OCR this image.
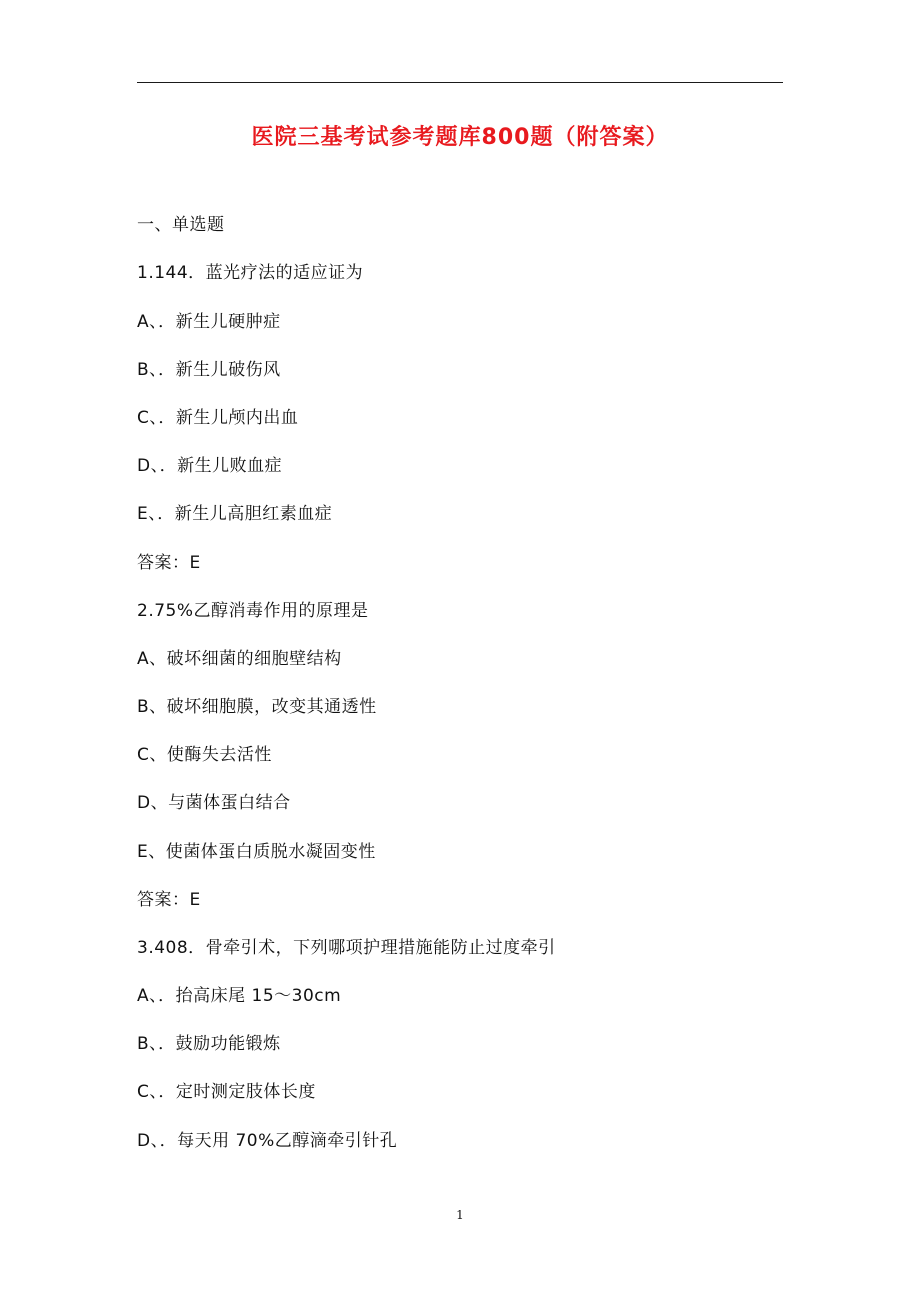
医院三基考试参考题库800题（附答案）
一、单选题
1.144．蓝光疗法的适应证为
A、．新生儿硬肿症
B、．新生儿破伤风
C、．新生儿颅内出血
D、．新生儿败血症
E、．新生儿高胆红素血症
答案：E
2.75%乙醇消毒作用的原理是
A、破坏细菌的细胞壁结构
B、破坏细胞膜，改变其通透性
C、使酶失去活性
D、与菌体蛋白结合
E、使菌体蛋白质脱水凝固变性
答案：E
3.408．骨牵引术，下列哪项护理措施能防止过度牵引
A、．抬高床尾 15～30cm
B、．鼓励功能锻炼
C、．定时测定肢体长度
D、．每天用 70%乙醇滴牵引针孔
1
